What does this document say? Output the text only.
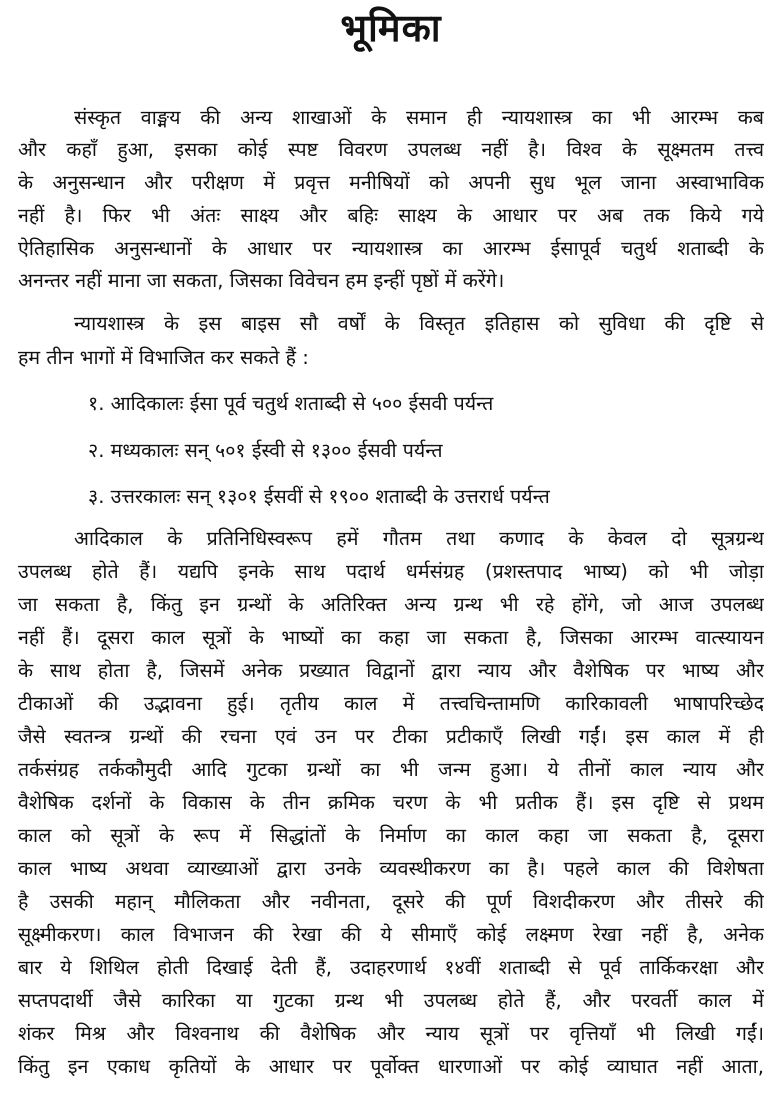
भूमिका
संस्कृत वाङ्मय की अन्य शाखाओं के समान ही न्यायशास्त्र का भी आरम्भ कब
और कहाँ हुआ, इसका कोई स्पष्ट विवरण उपलब्ध नहीं है। विश्व के सूक्ष्मतम तत्त्व
के अनुसन्धान और परीक्षण में प्रवृत्त मनीषियों को अपनी सुध भूल जाना अस्वाभाविक
नहीं है। फिर भी अंतः साक्ष्य और बहिः साक्ष्य के आधार पर अब तक किये गये
ऐतिहासिक अनुसन्धानों के आधार पर न्यायशास्त्र का आरम्भ ईसापूर्व चतुर्थ शताब्दी के
अनन्तर नहीं माना जा सकता, जिसका विवेचन हम इन्हीं पृष्ठों में करेंगे।
न्यायशास्त्र के इस बाइस सौ वर्षों के विस्तृत इतिहास को सुविधा की दृष्टि से
हम तीन भागों में विभाजित कर सकते हैं :
१. आदिकालः ईसा पूर्व चतुर्थ शताब्दी से ५०० ईसवी पर्यन्त
२. मध्यकालः सन् ५०१ ईस्वी से १३०० ईसवी पर्यन्त
३. उत्तरकालः सन् १३०१ ईसवीं से १९०० शताब्दी के उत्तरार्ध पर्यन्त
आदिकाल के प्रतिनिधिस्वरूप हमें गौतम तथा कणाद के केवल दो सूत्रग्रन्थ
उपलब्ध होते हैं। यद्यपि इनके साथ पदार्थ धर्मसंग्रह (प्रशस्तपाद भाष्य) को भी जोड़ा
जा सकता है, किंतु इन ग्रन्थों के अतिरिक्त अन्य ग्रन्थ भी रहे होंगे, जो आज उपलब्ध
नहीं हैं। दूसरा काल सूत्रों के भाष्यों का कहा जा सकता है, जिसका आरम्भ वात्स्यायन
के साथ होता है, जिसमें अनेक प्रख्यात विद्वानों द्वारा न्याय और वैशेषिक पर भाष्य और
टीकाओं की उद्भावना हुई। तृतीय काल में तत्त्वचिन्तामणि कारिकावली भाषापरिच्छेद
जैसे स्वतन्त्र ग्रन्थों की रचना एवं उन पर टीका प्रटीकाएँ लिखी गईं। इस काल में ही
तर्कसंग्रह तर्ककौमुदी आदि गुटका ग्रन्थों का भी जन्म हुआ। ये तीनों काल न्याय और
वैशेषिक दर्शनों के विकास के तीन क्रमिक चरण के भी प्रतीक हैं। इस दृष्टि से प्रथम
काल को सूत्रों के रूप में सिद्धांतों के निर्माण का काल कहा जा सकता है, दूसरा
काल भाष्य अथवा व्याख्याओं द्वारा उनके व्यवस्थीकरण का है। पहले काल की विशेषता
है उसकी महान् मौलिकता और नवीनता, दूसरे की पूर्ण विशदीकरण और तीसरे की
सूक्ष्मीकरण। काल विभाजन की रेखा की ये सीमाएँ कोई लक्ष्मण रेखा नहीं है, अनेक
बार ये शिथिल होती दिखाई देती हैं, उदाहरणार्थ १४वीं शताब्दी से पूर्व तार्किकरक्षा और
सप्तपदार्थी जैसे कारिका या गुटका ग्रन्थ भी उपलब्ध होते हैं, और परवर्ती काल में
शंकर मिश्र और विश्वनाथ की वैशेषिक और न्याय सूत्रों पर वृत्तियाँ भी लिखी गईं।
किंतु इन एकाध कृतियों के आधार पर पूर्वोक्त धारणाओं पर कोई व्याघात नहीं आता,
